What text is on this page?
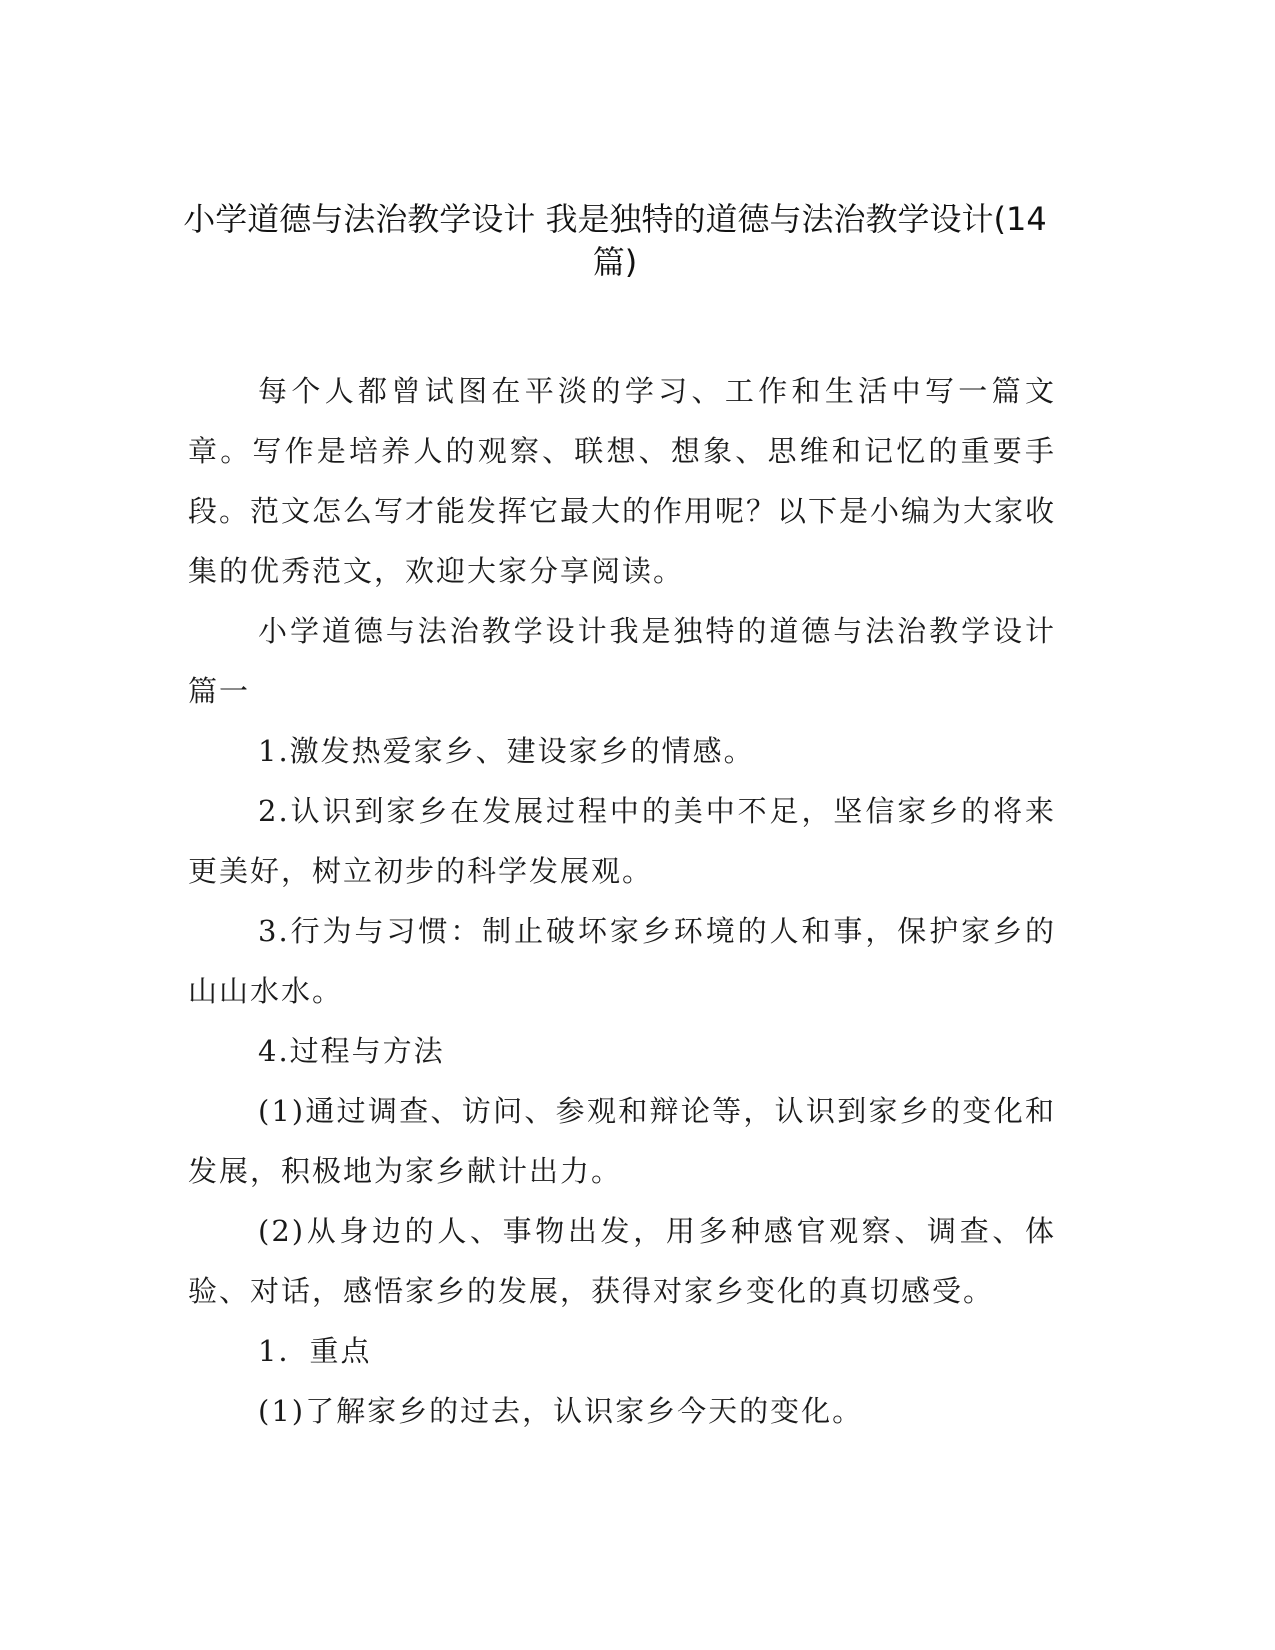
小学道德与法治教学设计 我是独特的道德与法治教学设计(14
篇)

每个人都曾试图在平淡的学习、工作和生活中写一篇文章。写作是培养人的观察、联想、想象、思维和记忆的重要手段。范文怎么写才能发挥它最大的作用呢？以下是小编为大家收集的优秀范文，欢迎大家分享阅读。

小学道德与法治教学设计我是独特的道德与法治教学设计篇一

1.激发热爱家乡、建设家乡的情感。

2.认识到家乡在发展过程中的美中不足，坚信家乡的将来更美好，树立初步的科学发展观。

3.行为与习惯：制止破坏家乡环境的人和事，保护家乡的山山水水。

4.过程与方法

(1)通过调查、访问、参观和辩论等，认识到家乡的变化和发展，积极地为家乡献计出力。

(2)从身边的人、事物出发，用多种感官观察、调查、体验、对话，感悟家乡的发展，获得对家乡变化的真切感受。

1．重点

(1)了解家乡的过去，认识家乡今天的变化。
